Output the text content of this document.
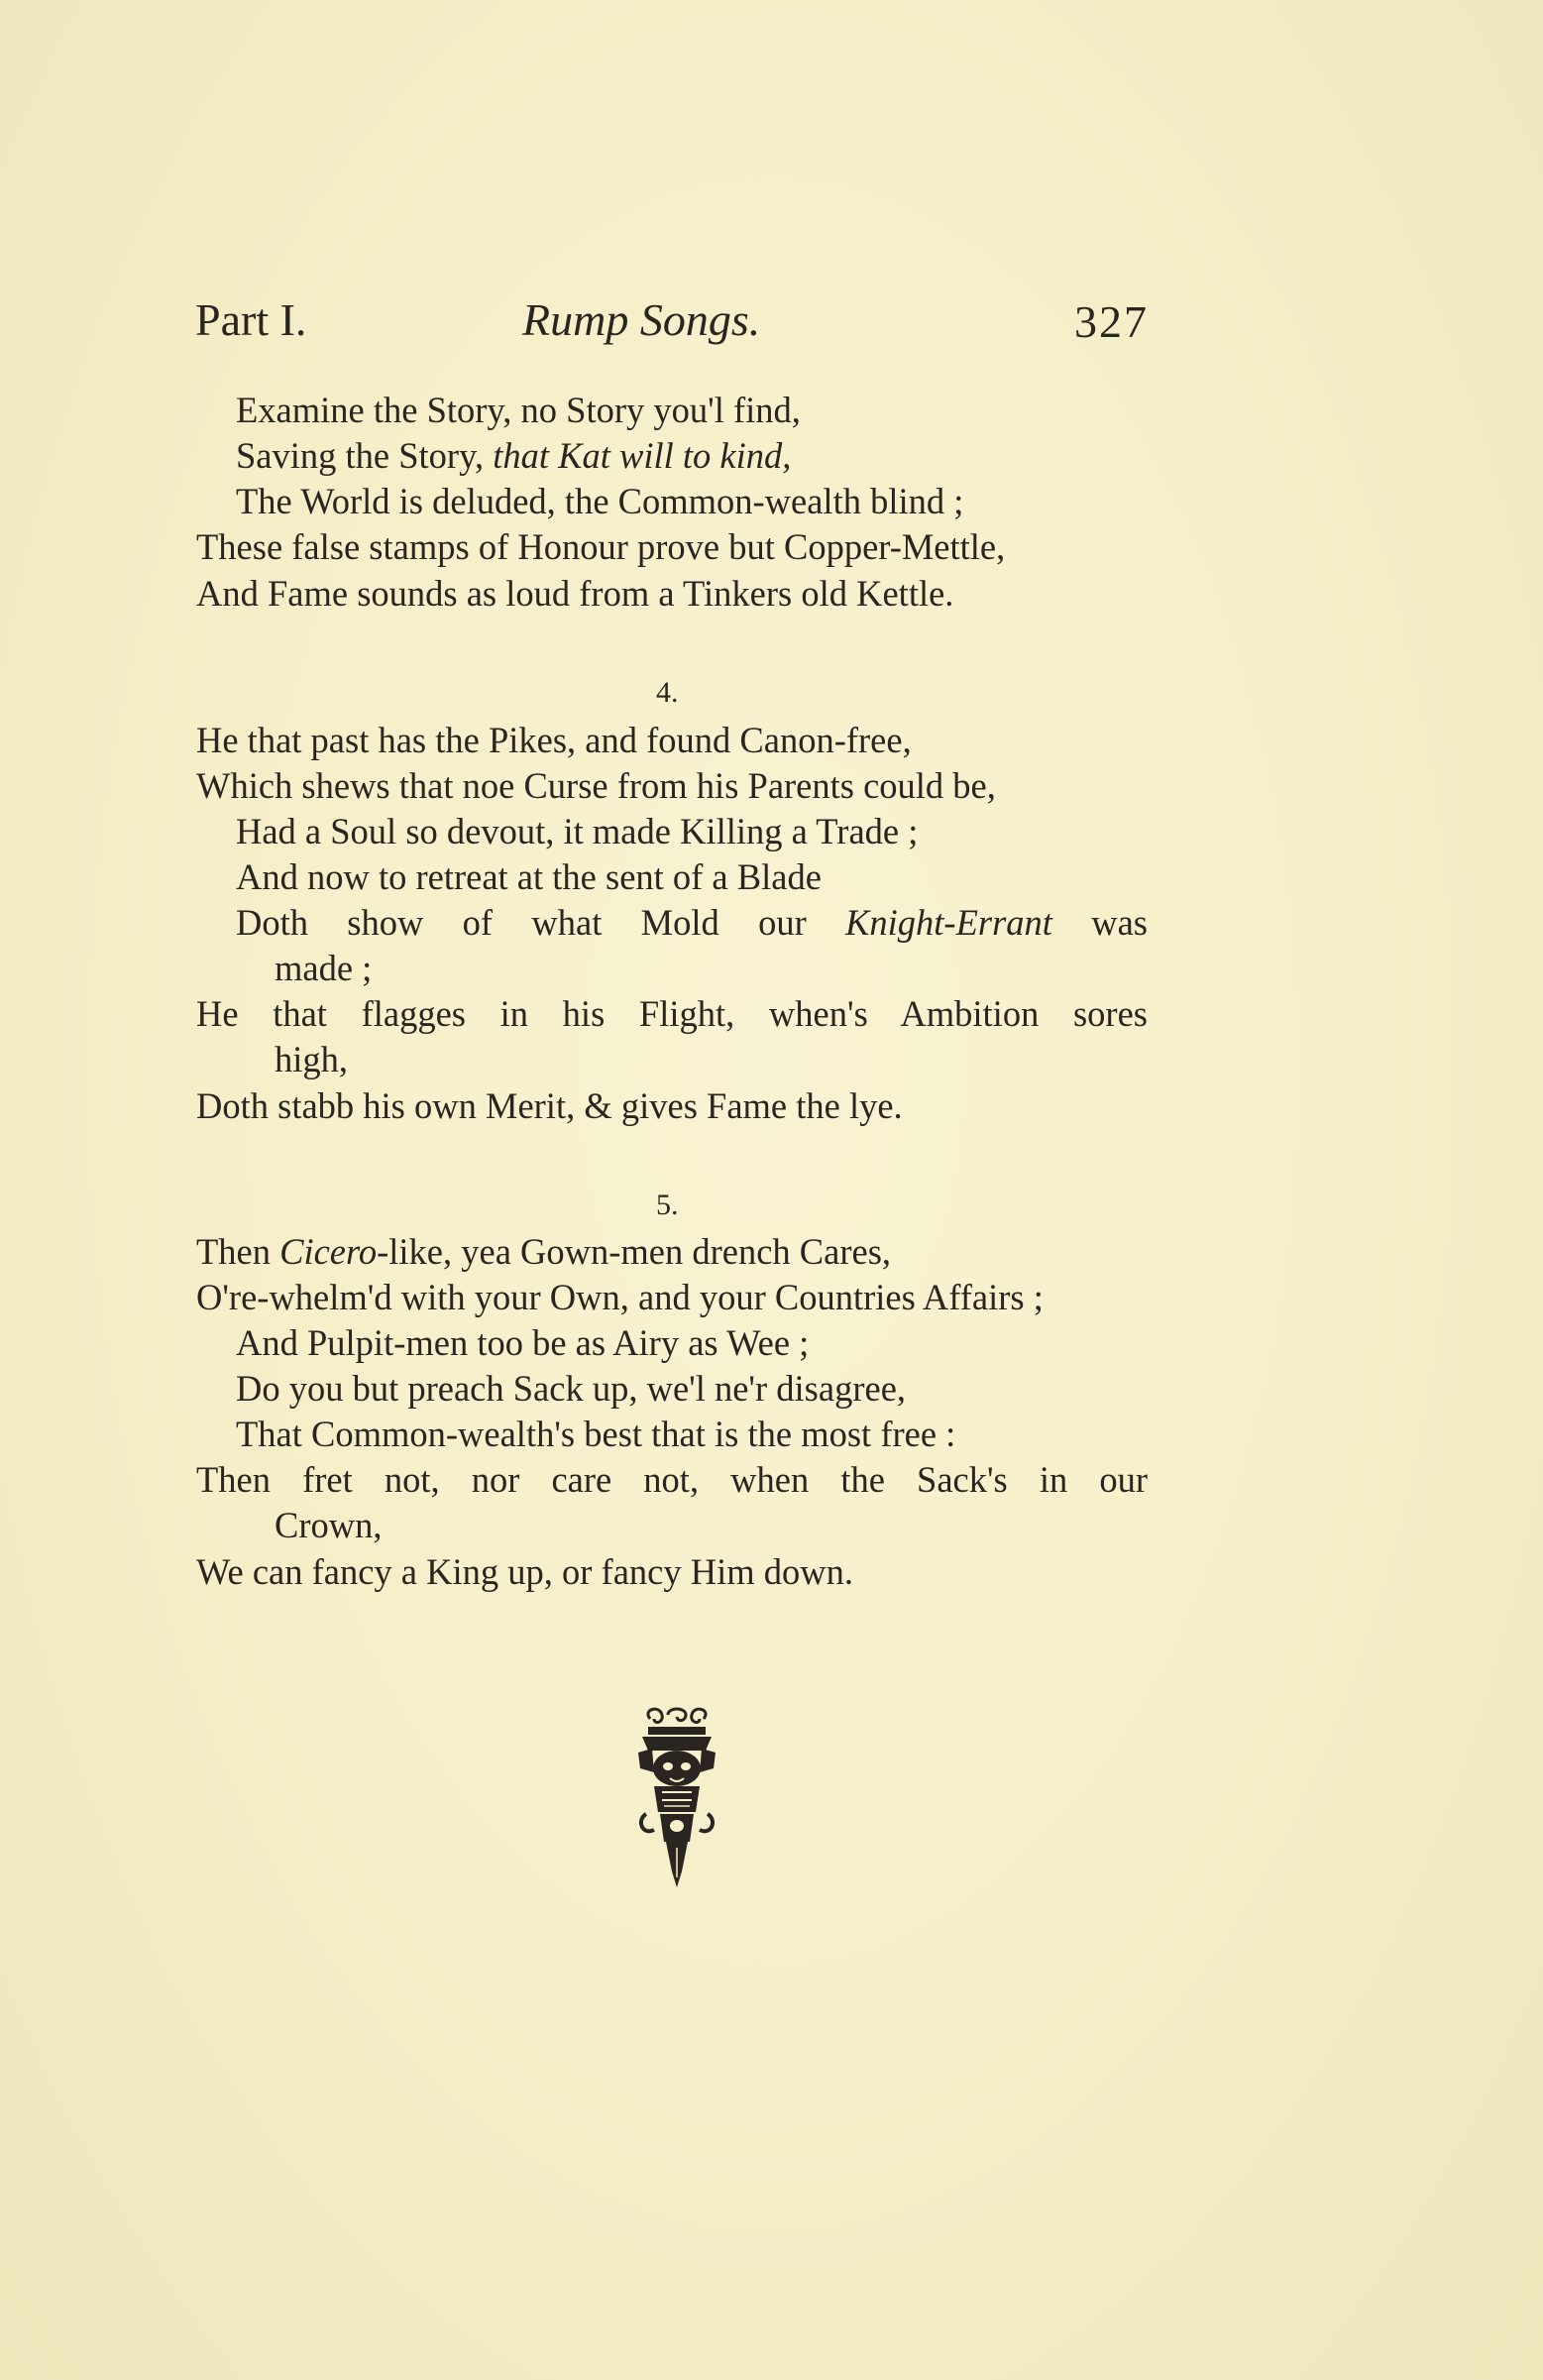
Part I.	Rump Songs.	327
Examine the Story, no Story you'l find,
Saving the Story, that Kat will to kind,
The World is deluded, the Common-wealth blind ;
These false stamps of Honour prove but Copper-Mettle,
And Fame sounds as loud from a Tinkers old Kettle.
4.
He that past has the Pikes, and found Canon-free,
Which shews that noe Curse from his Parents could be,
Had a Soul so devout, it made Killing a Trade ;
And now to retreat at the sent of a Blade
Doth show of what Mold our Knight-Errant was
made ;
He that flagges in his Flight, when's Ambition sores
high,
Doth stabb his own Merit, & gives Fame the lye.
5.
Then Cicero-like, yea Gown-men drench Cares,
O're-whelm'd with your Own, and your Countries Affairs ;
And Pulpit-men too be as Airy as Wee ;
Do you but preach Sack up, we'l ne'r disagree,
That Common-wealth's best that is the most free :
Then fret not, nor care not, when the Sack's in our
Crown,
We can fancy a King up, or fancy Him down.
